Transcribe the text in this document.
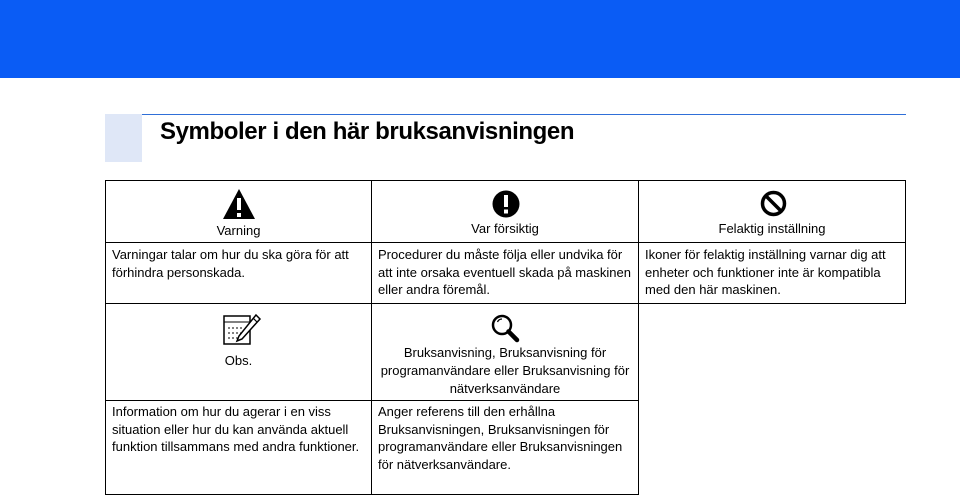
Symboler i den här bruksanvisningen
Varning
Varningar talar om hur du ska göra för att förhindra personskada.
Var försiktig
Procedurer du måste följa eller undvika för att inte orsaka eventuell skada på maskinen eller andra föremål.
Felaktig inställning
Ikoner för felaktig inställning varnar dig att enheter och funktioner inte är kompatibla med den här maskinen.
Obs.
Information om hur du agerar i en viss situation eller hur du kan använda aktuell funktion tillsammans med andra funktioner.
Bruksanvisning, Bruksanvisning för programanvändare eller Bruksanvisning för nätverksanvändare
Anger referens till den erhållna Bruksanvisningen, Bruksanvisningen för programanvändare eller Bruksanvisningen för nätverksanvändare.
